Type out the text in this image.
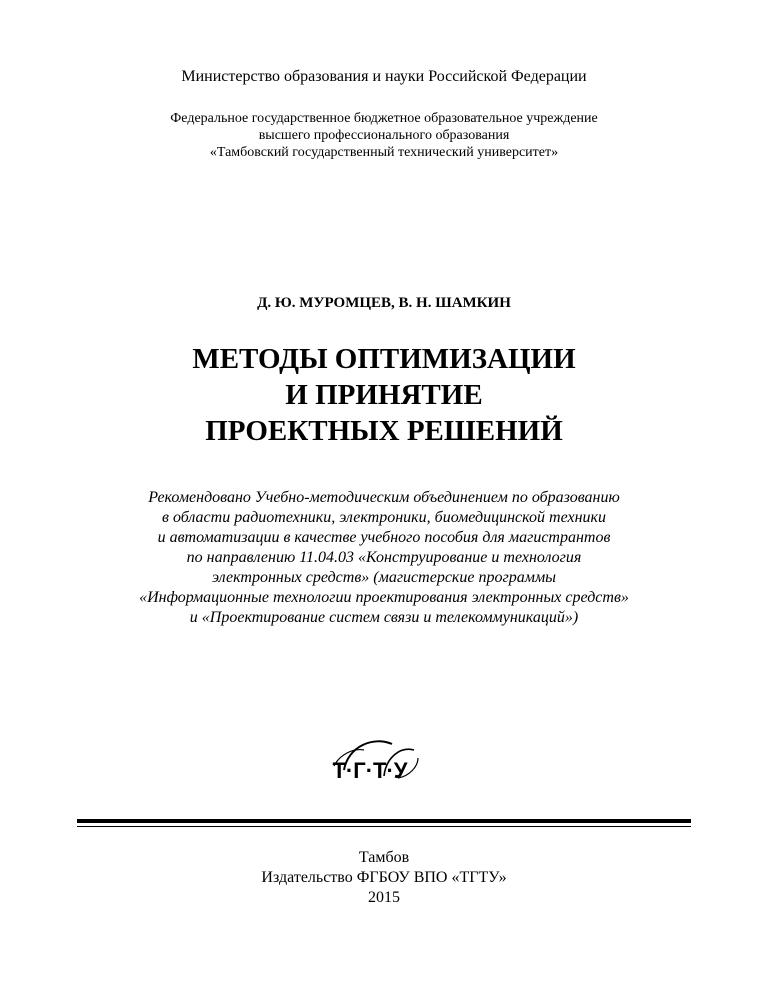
Министерство образования и науки Российской Федерации
Федеральное государственное бюджетное образовательное учреждение
высшего профессионального образования
«Тамбовский государственный технический университет»
Д. Ю. МУРОМЦЕВ, В. Н. ШАМКИН
МЕТОДЫ ОПТИМИЗАЦИИ
И ПРИНЯТИЕ
ПРОЕКТНЫХ РЕШЕНИЙ
Рекомендовано Учебно-методическим объединением по образованию
в области радиотехники, электроники, биомедицинской техники
и автоматизации в качестве учебного пособия для магистрантов
по направлению 11.04.03 «Конструирование и технология
электронных средств» (магистерские программы
«Информационные технологии проектирования электронных средств»
и «Проектирование систем связи и телекоммуникаций»)
Т·Г·Т·У
Тамбов
Издательство ФГБОУ ВПО «ТГТУ»
2015
